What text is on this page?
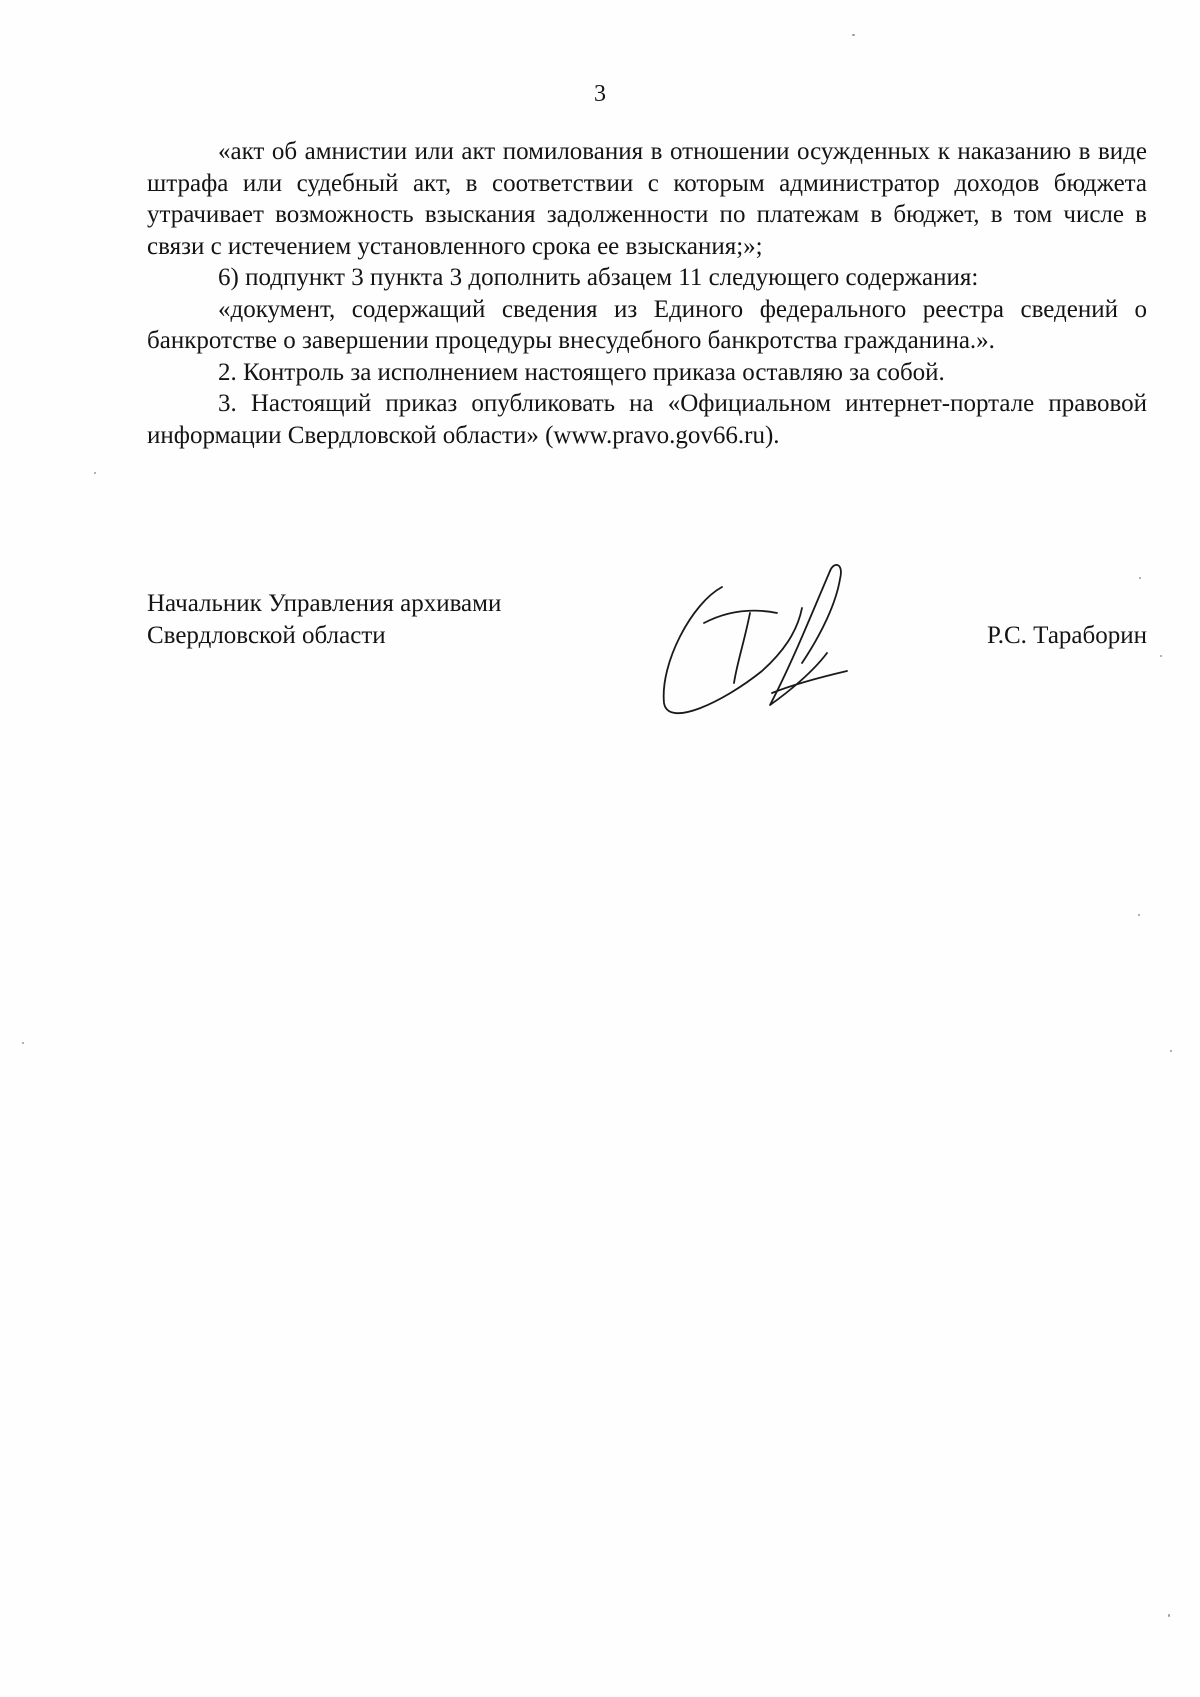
3

«акт об амнистии или акт помилования в отношении осужденных к наказанию в виде штрафа или судебный акт, в соответствии с которым администратор доходов бюджета утрачивает возможность взыскания задолженности по платежам в бюджет, в том числе в связи с истечением установленного срока ее взыскания;»;

6) подпункт 3 пункта 3 дополнить абзацем 11 следующего содержания:

«документ, содержащий сведения из Единого федерального реестра сведений о банкротстве о завершении процедуры внесудебного банкротства гражданина.».

2. Контроль за исполнением настоящего приказа оставляю за собой.

3. Настоящий приказ опубликовать на «Официальном интернет-портале правовой информации Свердловской области» (www.pravo.gov66.ru).

Начальник Управления архивами
Свердловской области	Р.С. Тараборин
